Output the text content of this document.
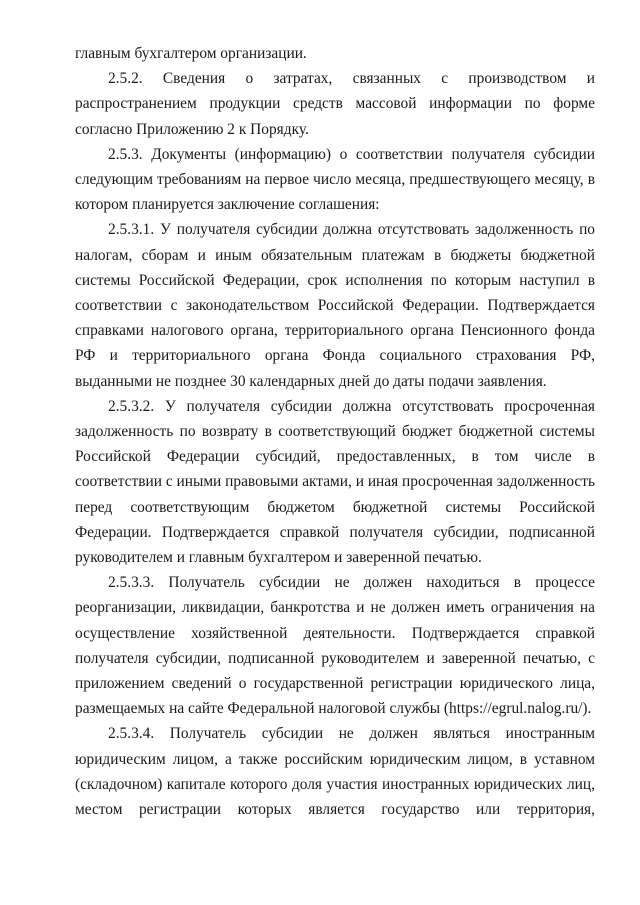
главным бухгалтером организации.

2.5.2. Сведения о затратах, связанных с производством и распространением продукции средств массовой информации по форме согласно Приложению 2 к Порядку.

2.5.3. Документы (информацию) о соответствии получателя субсидии следующим требованиям на первое число месяца, предшествующего месяцу, в котором планируется заключение соглашения:

2.5.3.1. У получателя субсидии должна отсутствовать задолженность по налогам, сборам и иным обязательным платежам в бюджеты бюджетной системы Российской Федерации, срок исполнения по которым наступил в соответствии с законодательством Российской Федерации. Подтверждается справками налогового органа, территориального органа Пенсионного фонда РФ и территориального органа Фонда социального страхования РФ, выданными не позднее 30 календарных дней до даты подачи заявления.

2.5.3.2. У получателя субсидии должна отсутствовать просроченная задолженность по возврату в соответствующий бюджет бюджетной системы Российской Федерации субсидий, предоставленных, в том числе в соответствии с иными правовыми актами, и иная просроченная задолженность перед соответствующим бюджетом бюджетной системы Российской Федерации. Подтверждается справкой получателя субсидии, подписанной руководителем и главным бухгалтером и заверенной печатью.

2.5.3.3. Получатель субсидии не должен находиться в процессе реорганизации, ликвидации, банкротства и не должен иметь ограничения на осуществление хозяйственной деятельности. Подтверждается справкой получателя субсидии, подписанной руководителем и заверенной печатью, с приложением сведений о государственной регистрации юридического лица, размещаемых на сайте Федеральной налоговой службы (https://egrul.nalog.ru/).

2.5.3.4. Получатель субсидии не должен являться иностранным юридическим лицом, а также российским юридическим лицом, в уставном (складочном) капитале которого доля участия иностранных юридических лиц, местом регистрации которых является государство или территория,
